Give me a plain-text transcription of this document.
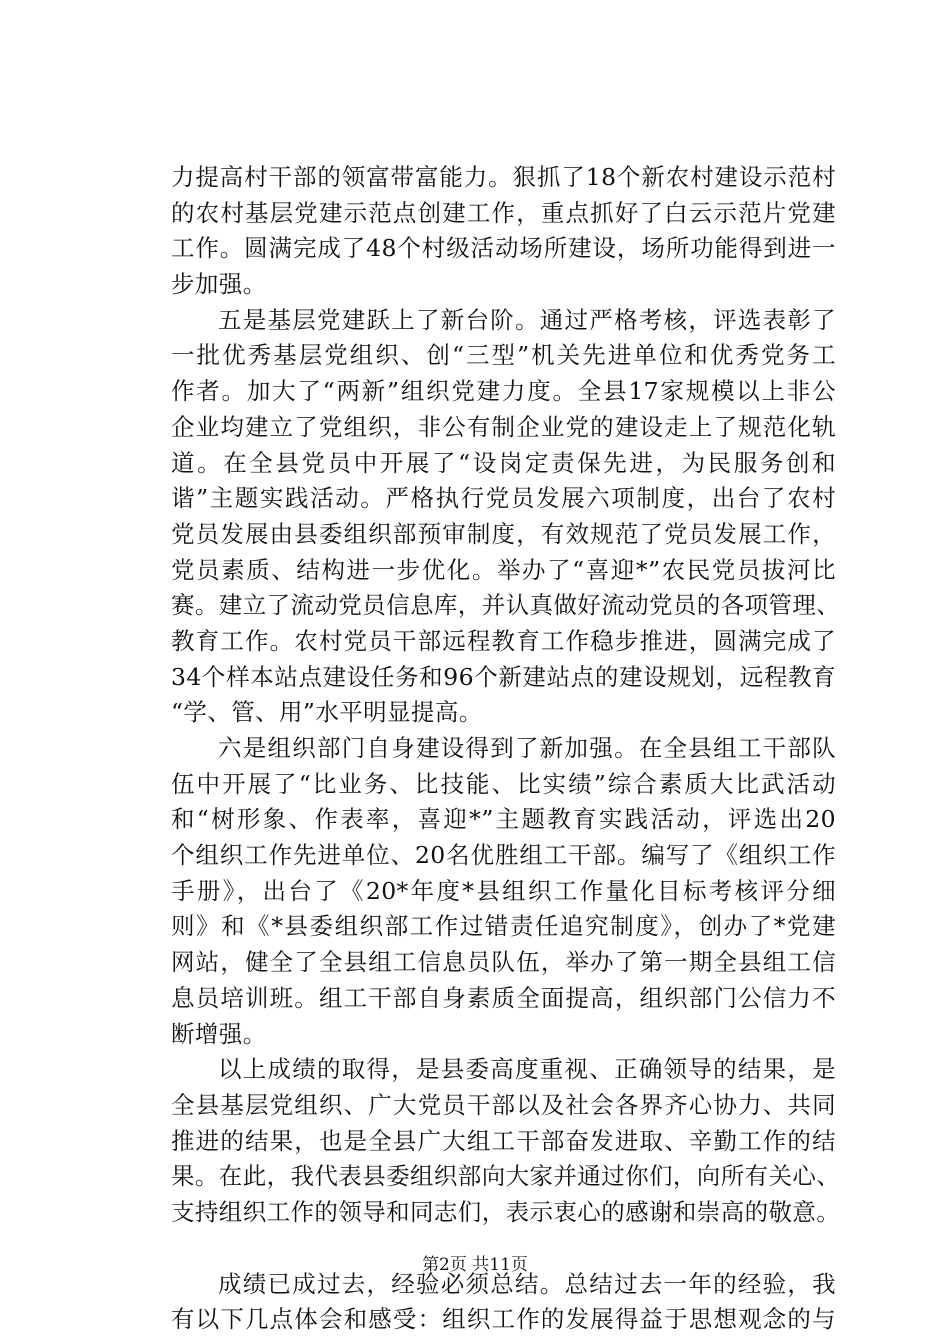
力提高村干部的领富带富能力。狠抓了18个新农村建设示范村
的农村基层党建示范点创建工作，重点抓好了白云示范片党建
工作。圆满完成了48个村级活动场所建设，场所功能得到进一
步加强。
五是基层党建跃上了新台阶。通过严格考核，评选表彰了
一批优秀基层党组织、创“三型”机关先进单位和优秀党务工
作者。加大了“两新”组织党建力度。全县17家规模以上非公
企业均建立了党组织，非公有制企业党的建设走上了规范化轨
道。在全县党员中开展了“设岗定责保先进，为民服务创和
谐”主题实践活动。严格执行党员发展六项制度，出台了农村
党员发展由县委组织部预审制度，有效规范了党员发展工作，
党员素质、结构进一步优化。举办了“喜迎*”农民党员拔河比
赛。建立了流动党员信息库，并认真做好流动党员的各项管理、
教育工作。农村党员干部远程教育工作稳步推进，圆满完成了
34个样本站点建设任务和96个新建站点的建设规划，远程教育
“学、管、用”水平明显提高。
六是组织部门自身建设得到了新加强。在全县组工干部队
伍中开展了“比业务、比技能、比实绩”综合素质大比武活动
和“树形象、作表率，喜迎*”主题教育实践活动，评选出20
个组织工作先进单位、20名优胜组工干部。编写了《组织工作
手册》，出台了《20*年度*县组织工作量化目标考核评分细
则》和《*县委组织部工作过错责任追究制度》，创办了*党建
网站，健全了全县组工信息员队伍，举办了第一期全县组工信
息员培训班。组工干部自身素质全面提高，组织部门公信力不
断增强。
以上成绩的取得，是县委高度重视、正确领导的结果，是
全县基层党组织、广大党员干部以及社会各界齐心协力、共同
推进的结果，也是全县广大组工干部奋发进取、辛勤工作的结
果。在此，我代表县委组织部向大家并通过你们，向所有关心、
支持组织工作的领导和同志们，表示衷心的感谢和崇高的敬意。
成绩已成过去，经验必须总结。总结过去一年的经验，我
有以下几点体会和感受：组织工作的发展得益于思想观念的与
第2页 共11页
